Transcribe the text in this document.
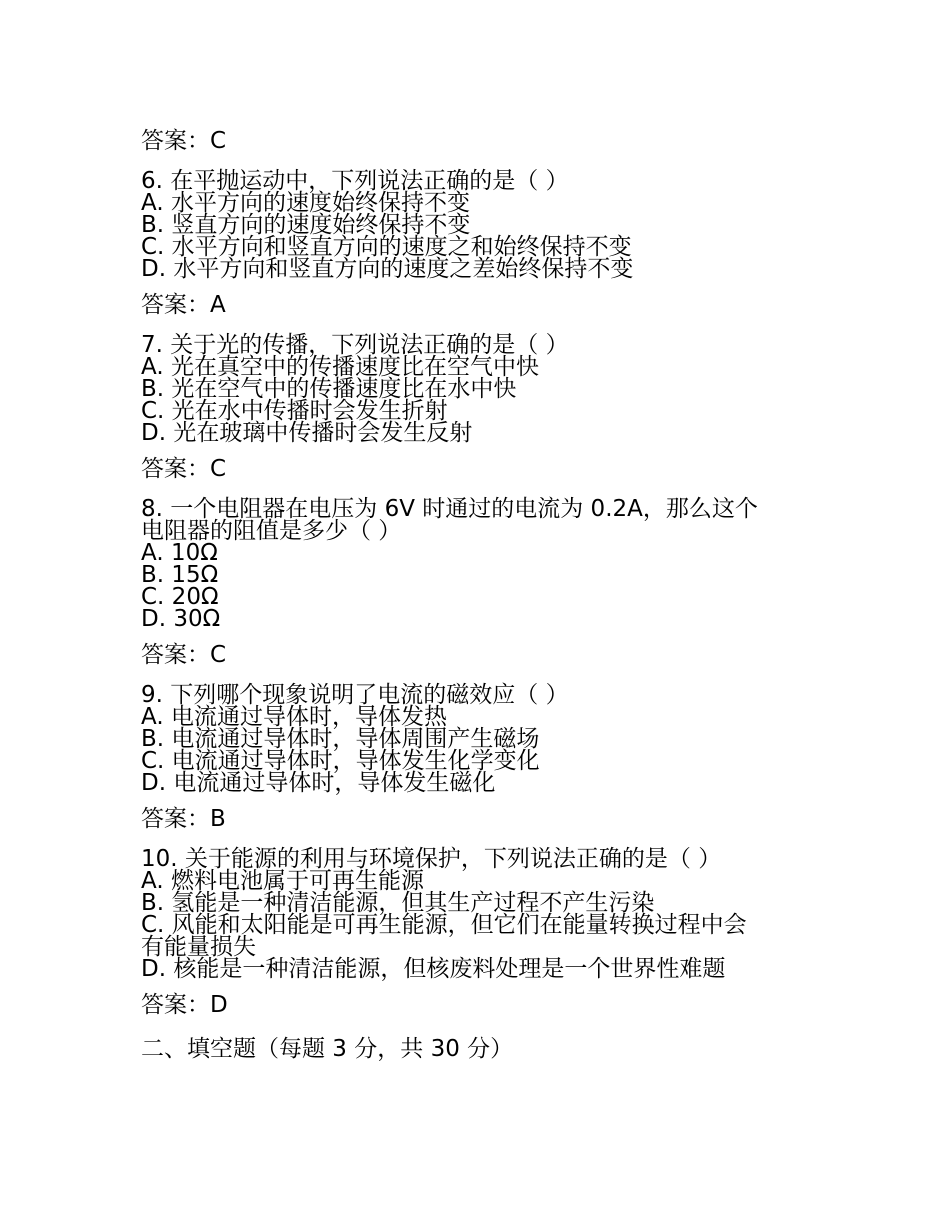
答案：C

6. 在平抛运动中，下列说法正确的是（ ）

A. 水平方向的速度始终保持不变

B. 竖直方向的速度始终保持不变

C. 水平方向和竖直方向的速度之和始终保持不变

D. 水平方向和竖直方向的速度之差始终保持不变

答案：A

7. 关于光的传播，下列说法正确的是（ ）

A. 光在真空中的传播速度比在空气中快

B. 光在空气中的传播速度比在水中快

C. 光在水中传播时会发生折射

D. 光在玻璃中传播时会发生反射

答案：C

8. 一个电阻器在电压为 6V 时通过的电流为 0.2A，那么这个

电阻器的阻值是多少（ ）

A. 10Ω

B. 15Ω

C. 20Ω

D. 30Ω

答案：C

9. 下列哪个现象说明了电流的磁效应（ ）

A. 电流通过导体时，导体发热

B. 电流通过导体时，导体周围产生磁场

C. 电流通过导体时，导体发生化学变化

D. 电流通过导体时，导体发生磁化

答案：B

10. 关于能源的利用与环境保护，下列说法正确的是（ ）

A. 燃料电池属于可再生能源

B. 氢能是一种清洁能源，但其生产过程不产生污染

C. 风能和太阳能是可再生能源，但它们在能量转换过程中会

有能量损失

D. 核能是一种清洁能源，但核废料处理是一个世界性难题

答案：D

二、填空题（每题 3 分，共 30 分）
